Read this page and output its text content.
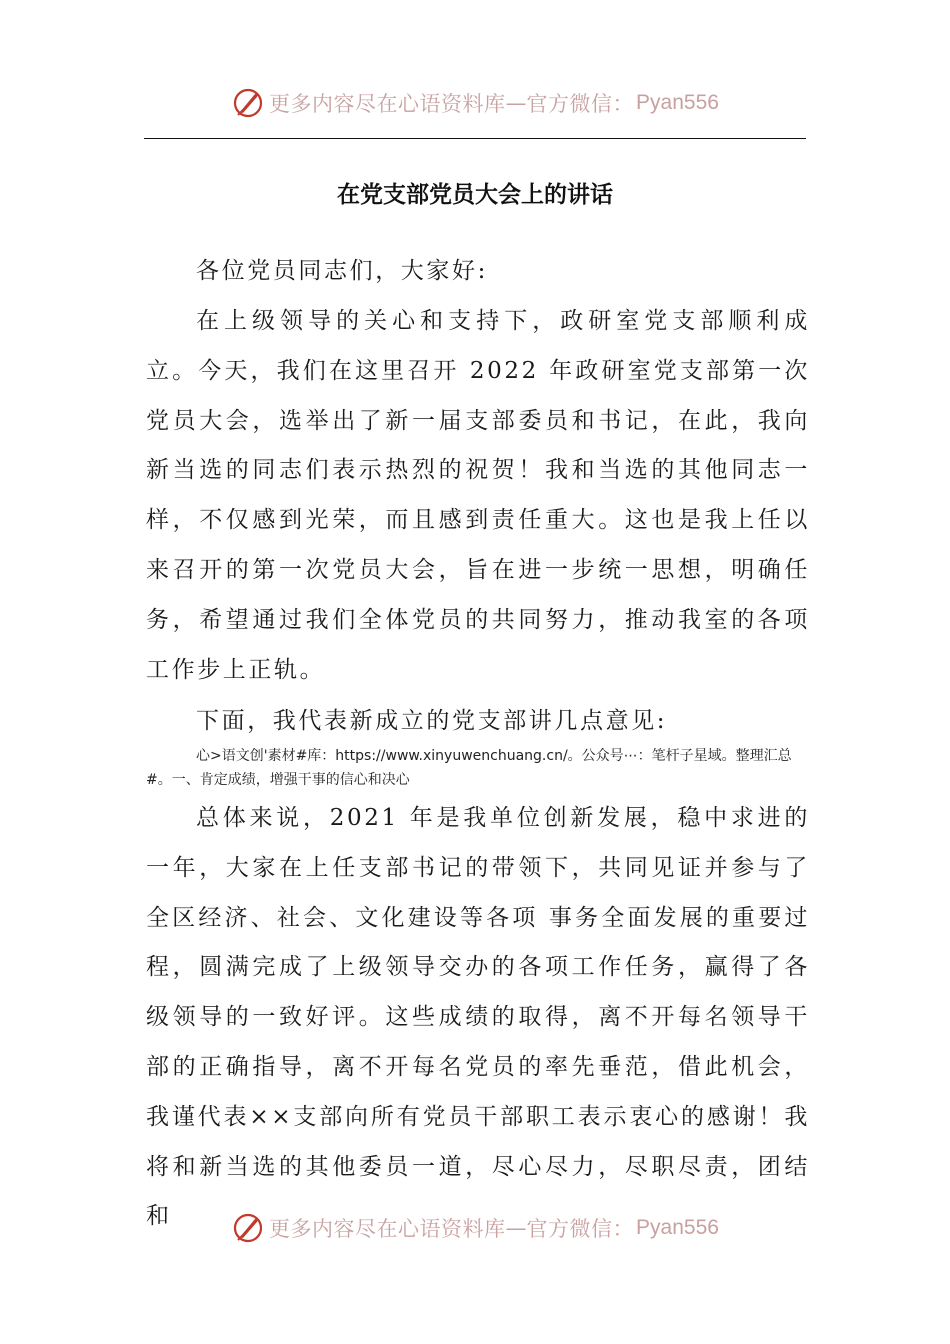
更多内容尽在心语资料库 — 官方微信： Pyan556
在党支部党员大会上的讲话

各位党员同志们，大家好:

在上级领导的关心和支持下，政研室党支部顺利成立。今天，我们在这里召开 2022 年政研室党支部第一次党员大会，选举出了新一届支部委员和书记，在此，我向新当选的同志们表示热烈的祝贺！我和当选的其他同志一样，不仅感到光荣，而且感到责任重大。这也是我上任以来召开的第一次党员大会，旨在进一步统一思想，明确任务，希望通过我们全体党员的共同努力，推动我室的各项工作步上正轨。

下面，我代表新成立的党支部讲几点意见:

心>语文创'素材#库：https://www.xinyuwenchuang.cn/。公众号⋯：笔杆子星域。整理汇总#。一、肯定成绩，增强干事的信心和决心

总体来说，2021 年是我单位创新发展，稳中求进的一年，大家在上任支部书记的带领下，共同见证并参与了全区经济、社会、文化建设等各项 事务全面发展的重要过程，圆满完成了上级领导交办的各项工作任务，赢得了各级领导的一致好评。这些成绩的取得，离不开每名领导干部的正确指导，离不开每名党员的率先垂范，借此机会，我谨代表××支部向所有党员干部职工表示衷心的感谢！我将和新当选的其他委员一道，尽心尽力，尽职尽责，团结和	更多内容尽在心语资料库 — 官方微信： Pyan556
